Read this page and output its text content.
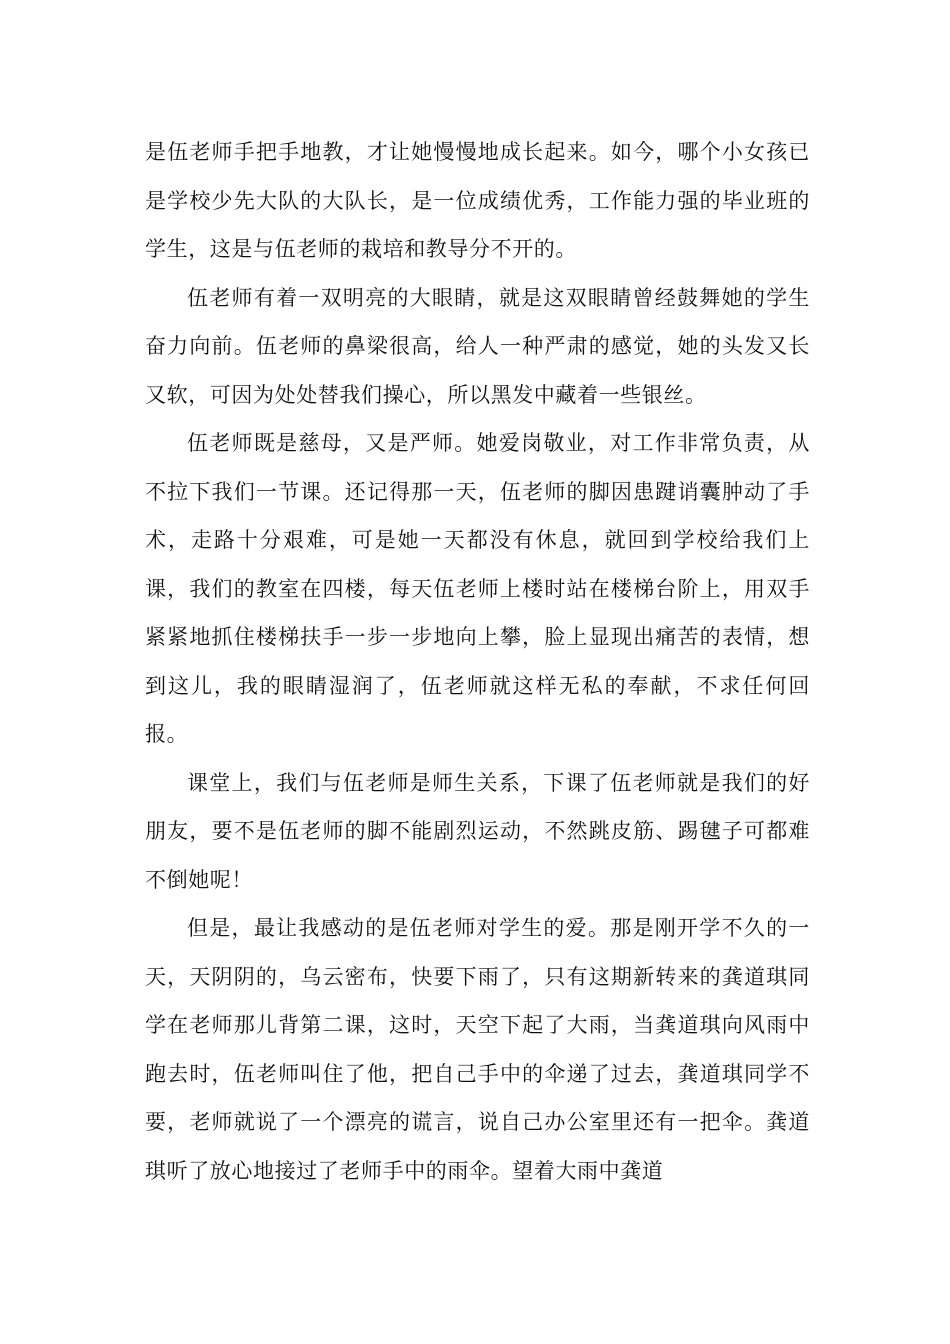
是伍老师手把手地教，才让她慢慢地成长起来。如今，哪个小女孩已是学校少先大队的大队长，是一位成绩优秀，工作能力强的毕业班的学生，这是与伍老师的栽培和教导分不开的。

伍老师有着一双明亮的大眼睛，就是这双眼睛曾经鼓舞她的学生奋力向前。伍老师的鼻梁很高，给人一种严肃的感觉，她的头发又长又软，可因为处处替我们操心，所以黑发中藏着一些银丝。

伍老师既是慈母，又是严师。她爱岗敬业，对工作非常负责，从不拉下我们一节课。还记得那一天，伍老师的脚因患踺诮囊肿动了手术，走路十分艰难，可是她一天都没有休息，就回到学校给我们上课，我们的教室在四楼，每天伍老师上楼时站在楼梯台阶上，用双手紧紧地抓住楼梯扶手一步一步地向上攀，脸上显现出痛苦的表情，想到这儿，我的眼睛湿润了，伍老师就这样无私的奉献，不求任何回报。

课堂上，我们与伍老师是师生关系，下课了伍老师就是我们的好朋友，要不是伍老师的脚不能剧烈运动，不然跳皮筋、踢毽子可都难不倒她呢！

但是，最让我感动的是伍老师对学生的爱。那是刚开学不久的一天，天阴阴的，乌云密布，快要下雨了，只有这期新转来的龚道琪同学在老师那儿背第二课，这时，天空下起了大雨，当龚道琪向风雨中跑去时，伍老师叫住了他，把自己手中的伞递了过去，龚道琪同学不要，老师就说了一个漂亮的谎言，说自己办公室里还有一把伞。龚道琪听了放心地接过了老师手中的雨伞。望着大雨中龚道
